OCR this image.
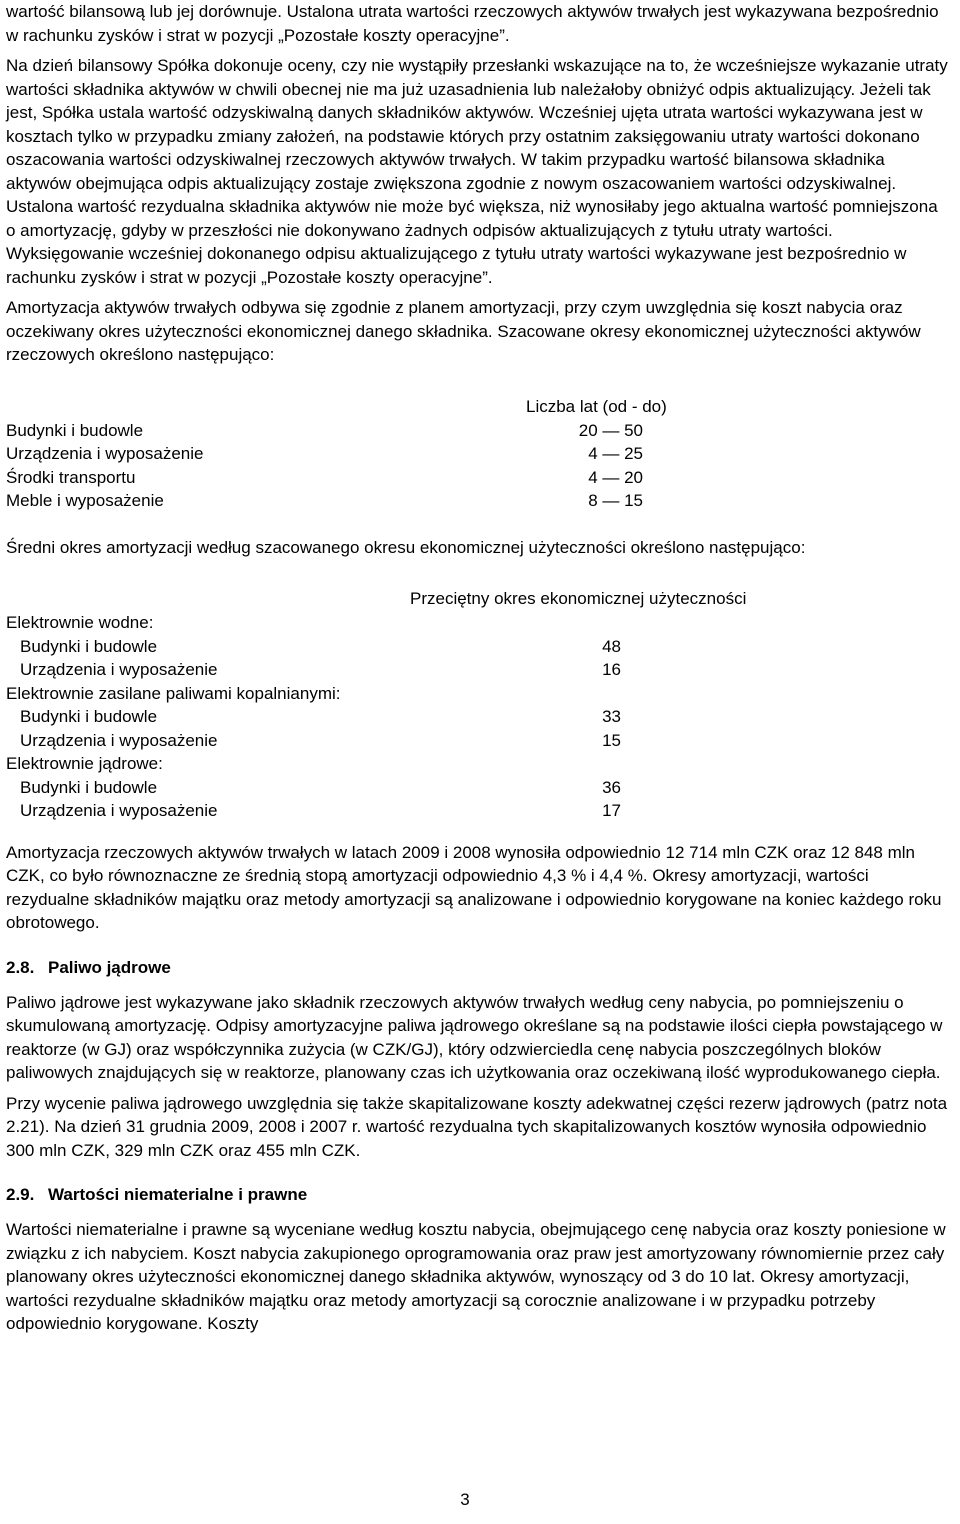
wartość bilansową lub jej dorównuje. Ustalona utrata wartości rzeczowych aktywów trwałych jest wykazywana bezpośrednio w rachunku zysków i strat w pozycji „Pozostałe koszty operacyjne”.

Na dzień bilansowy Spółka dokonuje oceny, czy nie wystąpiły przesłanki wskazujące na to, że wcześniejsze wykazanie utraty wartości składnika aktywów w chwili obecnej nie ma już uzasadnienia lub należałoby obniżyć odpis aktualizujący. Jeżeli tak jest, Spółka ustala wartość odzyskiwalną danych składników aktywów. Wcześniej ujęta utrata wartości wykazywana jest w kosztach tylko w przypadku zmiany założeń, na podstawie których przy ostatnim zaksięgowaniu utraty wartości dokonano oszacowania wartości odzyskiwalnej rzeczowych aktywów trwałych. W takim przypadku wartość bilansowa składnika aktywów obejmująca odpis aktualizujący zostaje zwiększona zgodnie z nowym oszacowaniem wartości odzyskiwalnej. Ustalona wartość rezydualna składnika aktywów nie może być większa, niż wynosiłaby jego aktualna wartość pomniejszona o amortyzację, gdyby w przeszłości nie dokonywano żadnych odpisów aktualizujących z tytułu utraty wartości. Wyksięgowanie wcześniej dokonanego odpisu aktualizującego z tytułu utraty wartości wykazywane jest bezpośrednio w rachunku zysków i strat w pozycji „Pozostałe koszty operacyjne”.

Amortyzacja aktywów trwałych odbywa się zgodnie z planem amortyzacji, przy czym uwzględnia się koszt nabycia oraz oczekiwany okres użyteczności ekonomicznej danego składnika. Szacowane okresy ekonomicznej użyteczności aktywów rzeczowych określono następująco:

Liczba lat (od - do)
Budynki i budowle	20 — 50
Urządzenia i wyposażenie	4 — 25
Środki transportu	4 — 20
Meble i wyposażenie	8 — 15

Średni okres amortyzacji według szacowanego okresu ekonomicznej użyteczności określono następująco:

Przeciętny okres ekonomicznej użyteczności
Elektrownie wodne:
Budynki i budowle	48
Urządzenia i wyposażenie	16
Elektrownie zasilane paliwami kopalnianymi:
Budynki i budowle	33
Urządzenia i wyposażenie	15
Elektrownie jądrowe:
Budynki i budowle	36
Urządzenia i wyposażenie	17

Amortyzacja rzeczowych aktywów trwałych w latach 2009 i 2008 wynosiła odpowiednio 12 714 mln CZK oraz 12 848 mln CZK, co było równoznaczne ze średnią stopą amortyzacji odpowiednio 4,3 % i 4,4 %. Okresy amortyzacji, wartości rezydualne składników majątku oraz metody amortyzacji są analizowane i odpowiednio korygowane na koniec każdego roku obrotowego.

2.8. Paliwo jądrowe

Paliwo jądrowe jest wykazywane jako składnik rzeczowych aktywów trwałych według ceny nabycia, po pomniejszeniu o skumulowaną amortyzację. Odpisy amortyzacyjne paliwa jądrowego określane są na podstawie ilości ciepła powstającego w reaktorze (w GJ) oraz współczynnika zużycia (w CZK/GJ), który odzwierciedla cenę nabycia poszczególnych bloków paliwowych znajdujących się w reaktorze, planowany czas ich użytkowania oraz oczekiwaną ilość wyprodukowanego ciepła.

Przy wycenie paliwa jądrowego uwzględnia się także skapitalizowane koszty adekwatnej części rezerw jądrowych (patrz nota 2.21). Na dzień 31 grudnia 2009, 2008 i 2007 r. wartość rezydualna tych skapitalizowanych kosztów wynosiła odpowiednio 300 mln CZK, 329 mln CZK oraz 455 mln CZK.

2.9. Wartości niematerialne i prawne

Wartości niematerialne i prawne są wyceniane według kosztu nabycia, obejmującego cenę nabycia oraz koszty poniesione w związku z ich nabyciem. Koszt nabycia zakupionego oprogramowania oraz praw jest amortyzowany równomiernie przez cały planowany okres użyteczności ekonomicznej danego składnika aktywów, wynoszący od 3 do 10 lat. Okresy amortyzacji, wartości rezydualne składników majątku oraz metody amortyzacji są corocznie analizowane i w przypadku potrzeby odpowiednio korygowane. Koszty

3
